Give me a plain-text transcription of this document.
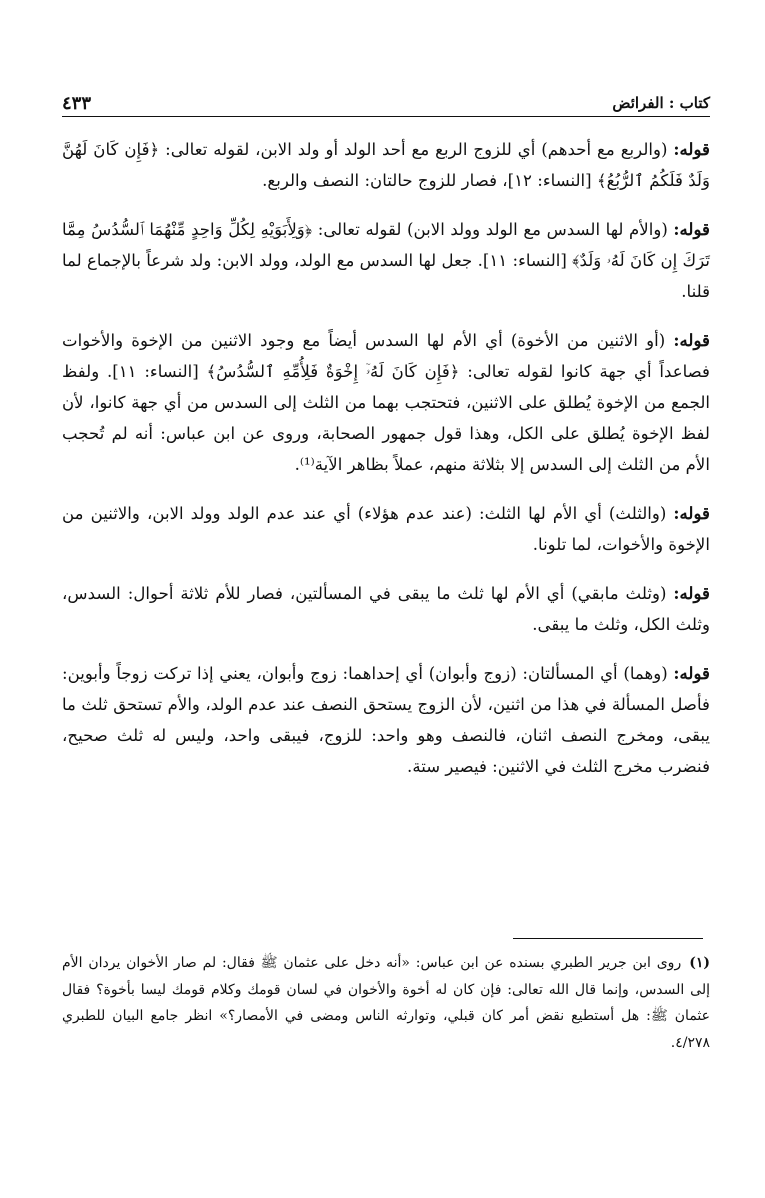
كتاب : الفرائض
٤٣٣

قوله: (والربع مع أحدهم) أي للزوج الربع مع أحد الولد أو ولد الابن، لقوله تعالى: ﴿فَإِن كَانَ لَهُنَّ وَلَدٌ فَلَكُمُ ٱلرُّبُعُ﴾ [النساء: ١٢]، فصار للزوج حالتان: النصف والربع.

قوله: (والأم لها السدس مع الولد وولد الابن) لقوله تعالى: ﴿وَلِأَبَوَيْهِ لِكُلِّ وَاحِدٍ مِّنْهُمَا ٱلسُّدُسُ مِمَّا تَرَكَ إِن كَانَ لَهُۥ وَلَدٌ﴾ [النساء: ١١]. جعل لها السدس مع الولد، وولد الابن: ولد شرعاً بالإجماع لما قلنا.

قوله: (أو الاثنين من الأخوة) أي الأم لها السدس أيضاً مع وجود الاثنين من الإخوة والأخوات فصاعداً أي جهة كانوا لقوله تعالى: ﴿فَإِن كَانَ لَهُۥٓ إِخْوَةٌ فَلِأُمِّهِ ٱلسُّدُسُ﴾ [النساء: ١١]. ولفظ الجمع من الإخوة يُطلق على الاثنين، فتحتجب بهما من الثلث إلى السدس من أي جهة كانوا، لأن لفظ الإخوة يُطلق على الكل، وهذا قول جمهور الصحابة، وروى عن ابن عباس: أنه لم تُحجب الأم من الثلث إلى السدس إلا بثلاثة منهم، عملاً بظاهر الآية⁽¹⁾.

قوله: (والثلث) أي الأم لها الثلث: (عند عدم هؤلاء) أي عند عدم الولد وولد الابن، والاثنين من الإخوة والأخوات، لما تلونا.

قوله: (وثلث مابقي) أي الأم لها ثلث ما يبقى في المسألتين، فصار للأم ثلاثة أحوال: السدس، وثلث الكل، وثلث ما يبقى.

قوله: (وهما) أي المسألتان: (زوج وأبوان) أي إحداهما: زوج وأبوان، يعني إذا تركت زوجاً وأبوين: فأصل المسألة في هذا من اثنين، لأن الزوج يستحق النصف عند عدم الولد، والأم تستحق ثلث ما يبقى، ومخرج النصف اثنان، فالنصف وهو واحد: للزوج، فيبقى واحد، وليس له ثلث صحيح، فنضرب مخرج الثلث في الاثنين: فيصير ستة.

(١)روى ابن جرير الطبري بسنده عن ابن عباس: «أنه دخل على عثمان ﷺ فقال: لم صار الأخوان يردان الأم إلى السدس، وإنما قال الله تعالى: فإن كان له أخوة والأخوان في لسان قومك وكلام قومك ليسا بأخوة؟ فقال عثمان ﷺ: هل أستطيع نقض أمر كان قبلي، وتوارثه الناس ومضى في الأمصار؟» انظر جامع البيان للطبري ٤/٢٧٨.
